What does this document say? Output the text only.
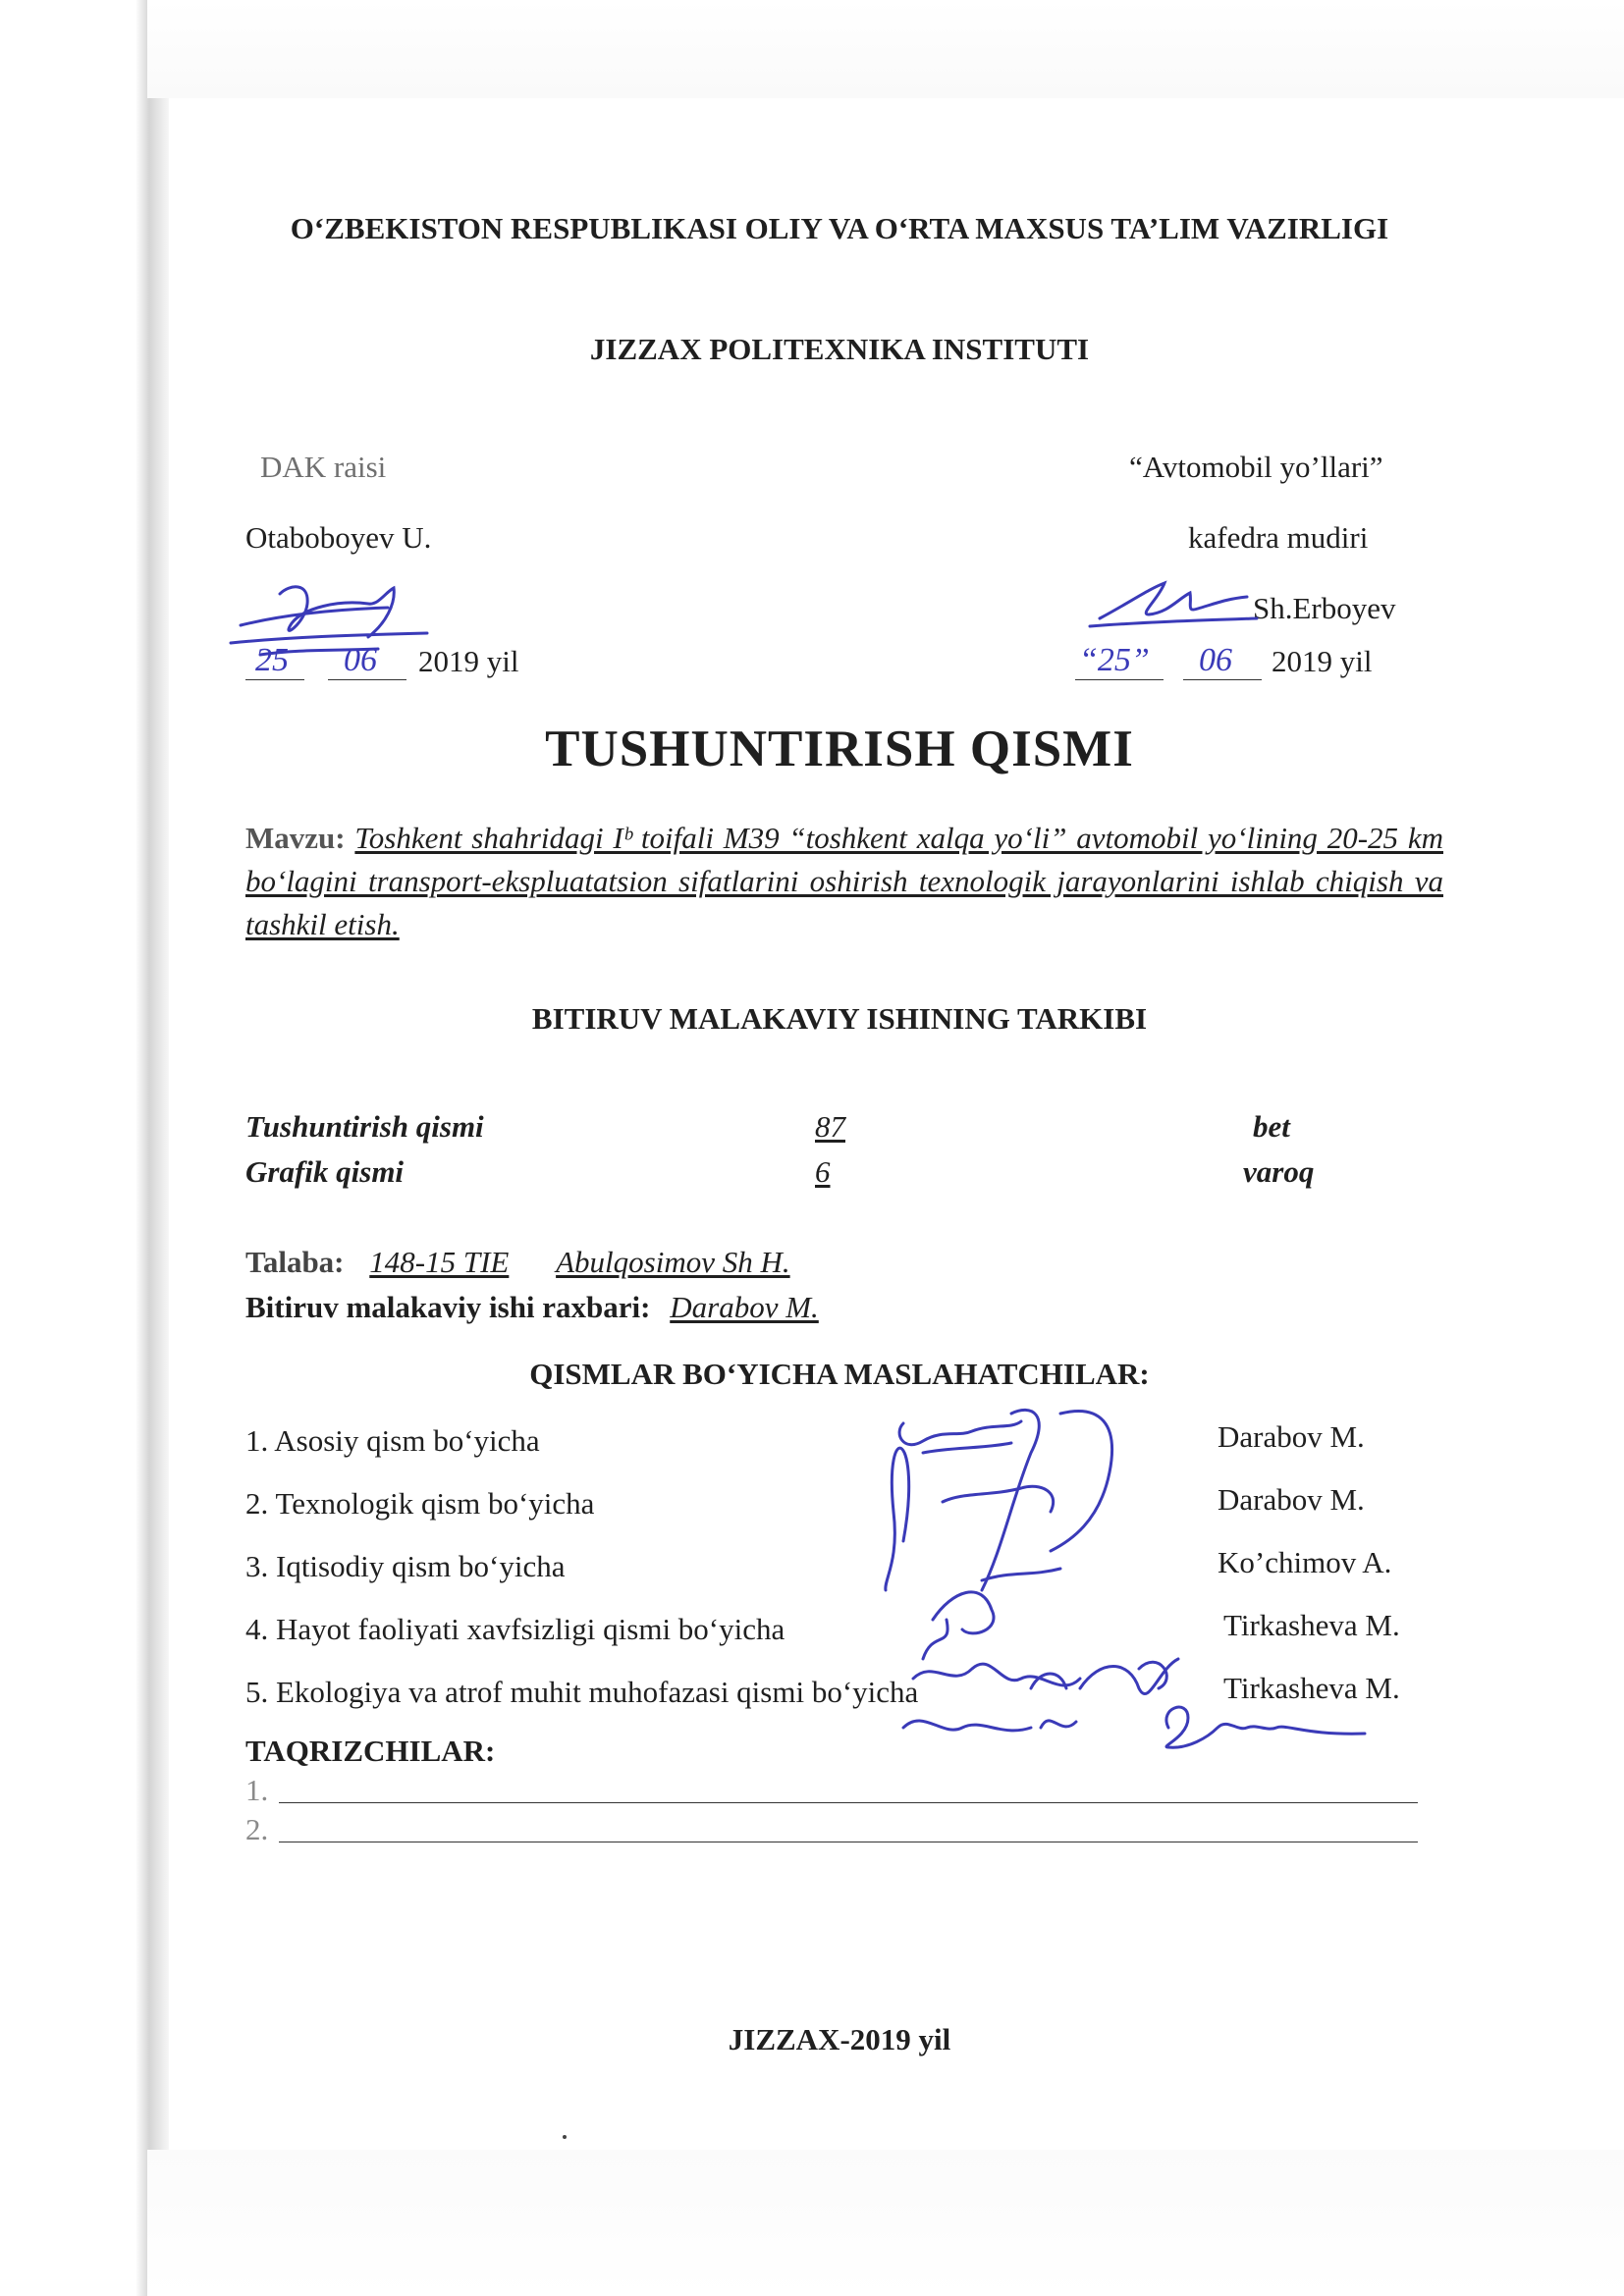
O‘ZBEKISTON RESPUBLIKASI OLIY VA O‘RTA MAXSUS TA’LIM VAZIRLIGI
JIZZAX POLITEXNIKA INSTITUTI
DAK raisi
Otaboboyev U.
25 06 2019 yil
“Avtomobil yo’llari”
kafedra mudiri
Sh.Erboyev
“25” 06 2019 yil
TUSHUNTIRISH QISMI
Mavzu: Toshkent shahridagi Iᵇ toifali M39 “toshkent xalqa yo‘li” avtomobil yo‘lining 20-25 km bo‘lagini transport-ekspluatatsion sifatlarini oshirish texnologik jarayonlarini ishlab chiqish va tashkil etish.
BITIRUV MALAKAVIY ISHINING TARKIBI
Tushuntirish qismi	87	bet
Grafik qismi	6	varoq
Talaba: 148-15 TIE Abulqosimov Sh H.
Bitiruv malakaviy ishi raxbari: Darabov M.
QISMLAR BO‘YICHA MASLAHATCHILAR:
1. Asosiy qism bo‘yicha	Darabov M.
2. Texnologik qism bo‘yicha	Darabov M.
3. Iqtisodiy qism bo‘yicha	Ko’chimov A.
4. Hayot faoliyati xavfsizligi qismi bo‘yicha	Tirkasheva M.
5. Ekologiya va atrof muhit muhofazasi qismi bo‘yicha	Tirkasheva M.
TAQRIZCHILAR:
1.
2.
JIZZAX-2019 yil
